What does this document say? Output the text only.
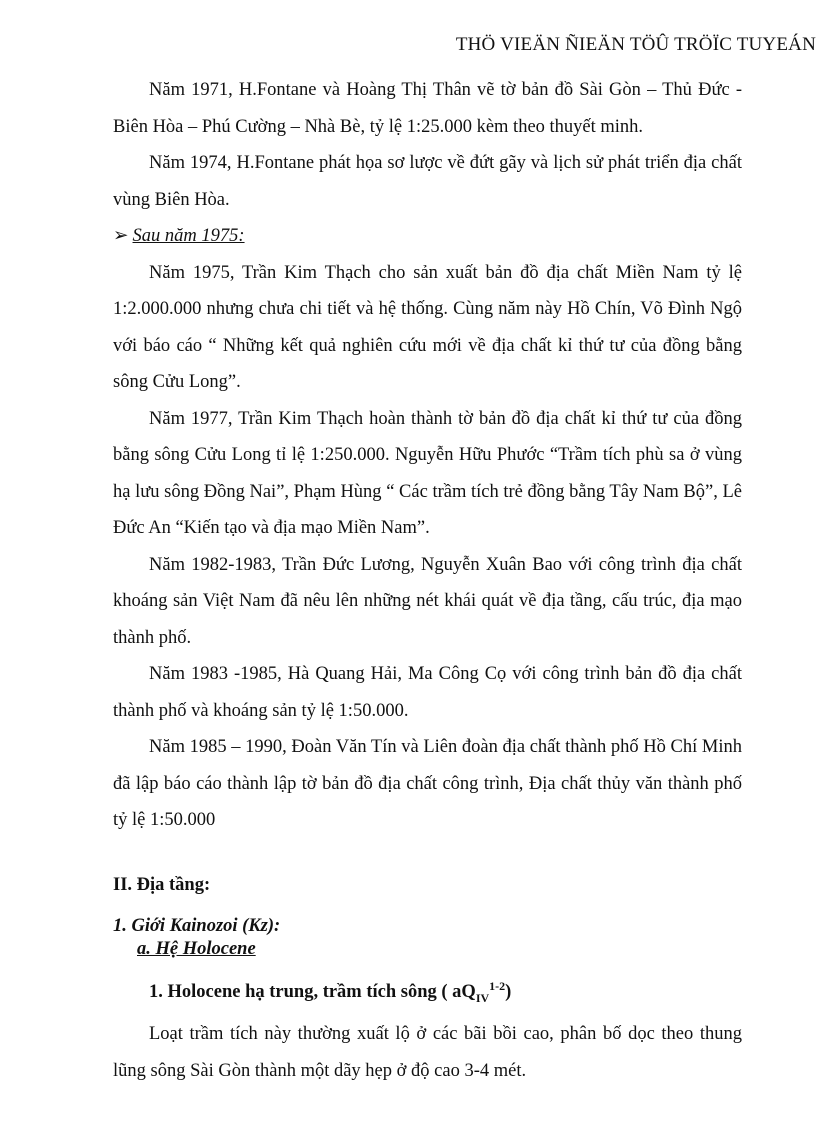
THÖ VIEÄN ÑIEÄN TÖÛ TRÖÏC TUYEÁN

Năm 1971, H.Fontane và Hoàng Thị Thân vẽ tờ bản đồ Sài Gòn – Thủ Đức - Biên Hòa – Phú Cường – Nhà Bè, tỷ lệ 1:25.000 kèm theo thuyết minh.

Năm 1974, H.Fontane phát họa sơ lược về đứt gãy và lịch sử phát triển địa chất vùng Biên Hòa.

➢ Sau năm 1975:

Năm 1975, Trần Kim Thạch cho sản xuất bản đồ địa chất Miền Nam tỷ lệ 1:2.000.000 nhưng chưa chi tiết và hệ thống. Cùng năm này Hồ Chín, Võ Đình Ngộ với báo cáo “ Những kết quả nghiên cứu mới về địa chất kỉ thứ tư của đồng bằng sông Cửu Long”.

Năm 1977, Trần Kim Thạch hoàn thành tờ bản đồ địa chất kỉ thứ tư của đồng bằng sông Cửu Long tỉ lệ 1:250.000. Nguyễn Hữu Phước “Trầm tích phù sa ở vùng hạ lưu sông Đồng Nai”, Phạm Hùng “ Các trầm tích trẻ đồng bằng Tây Nam Bộ”, Lê Đức An “Kiến tạo và địa mạo Miền Nam”.

Năm 1982-1983, Trần Đức Lương, Nguyễn Xuân Bao với công trình địa chất khoáng sản Việt Nam đã nêu lên những nét khái quát về địa tầng, cấu trúc, địa mạo thành phố.

Năm 1983 -1985, Hà Quang Hải, Ma Công Cọ với công trình bản đồ địa chất thành phố và khoáng sản tỷ lệ 1:50.000.

Năm 1985 – 1990, Đoàn Văn Tín và Liên đoàn địa chất thành phố Hồ Chí Minh đã lập báo cáo thành lập tờ bản đồ địa chất công trình, Địa chất thủy văn thành phố tỷ lệ 1:50.000

II. Địa tầng:
1. Giới Kainozoi (Kz):
a. Hệ Holocene
1. Holocene hạ trung, trầm tích sông ( $aQ_{IV}^{1-2}$)

Loạt trầm tích này thường xuất lộ ở các bãi bồi cao, phân bố dọc theo thung lũng sông Sài Gòn thành một dãy hẹp ở độ cao 3-4 mét.
